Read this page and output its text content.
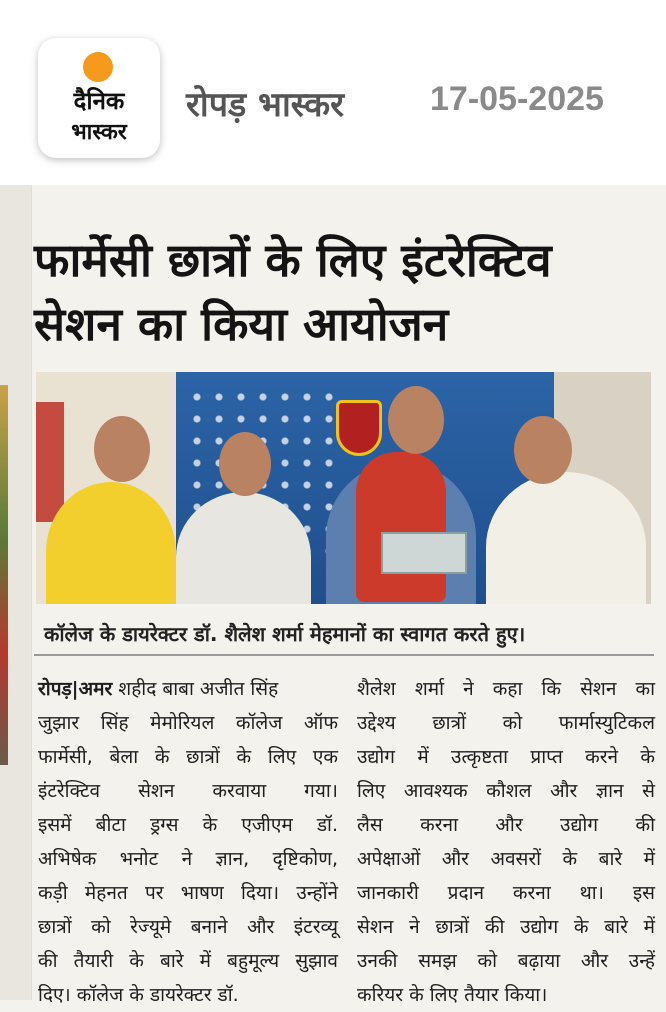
दैनिक
भास्कर
रोपड़ भास्कर	17-05-2025
फार्मेसी छात्रों के लिए इंटरेक्टिव
सेशन का किया आयोजन
कॉलेज के डायरेक्टर डॉ. शैलेश शर्मा मेहमानों का स्वागत करते हुए।
रोपड़|अमर शहीद बाबा अजीत सिंह
जुझार सिंह मेमोरियल कॉलेज ऑफ
फार्मेसी, बेला के छात्रों के लिए एक
इंटरेक्टिव सेशन करवाया गया।
इसमें बीटा ड्रग्स के एजीएम डॉ.
अभिषेक भनोट ने ज्ञान, दृष्टिकोण,
कड़ी मेहनत पर भाषण दिया। उन्होंने
छात्रों को रेज्यूमे बनाने और इंटरव्यू
की तैयारी के बारे में बहुमूल्य सुझाव
दिए। कॉलेज के डायरेक्टर डॉ.
शैलेश शर्मा ने कहा कि सेशन का
उद्देश्य छात्रों को फार्मास्युटिकल
उद्योग में उत्कृष्टता प्राप्त करने के
लिए आवश्यक कौशल और ज्ञान से
लैस करना और उद्योग की
अपेक्षाओं और अवसरों के बारे में
जानकारी प्रदान करना था। इस
सेशन ने छात्रों की उद्योग के बारे में
उनकी समझ को बढ़ाया और उन्हें
करियर के लिए तैयार किया।
